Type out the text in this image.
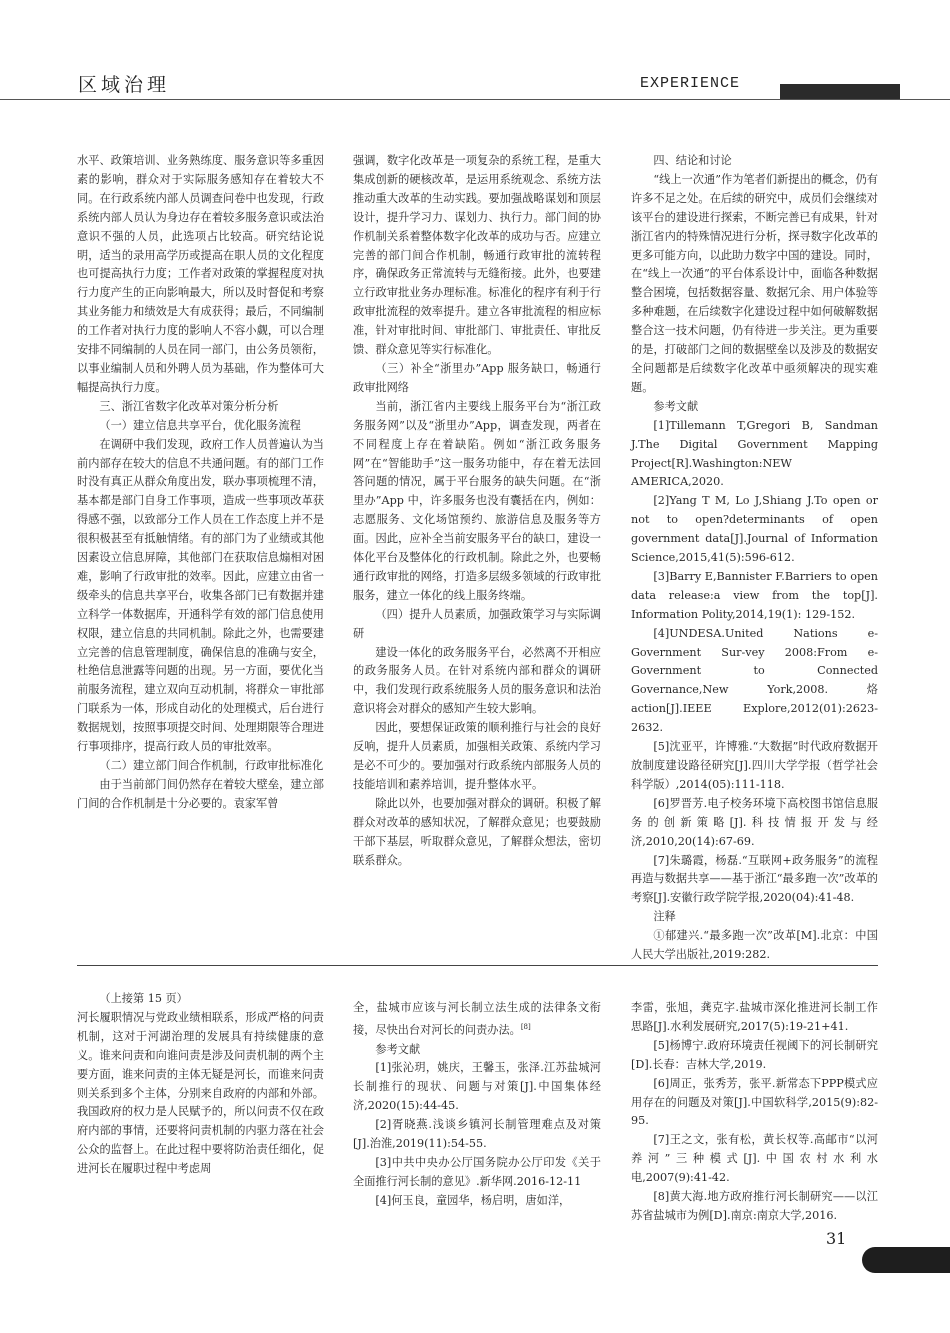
区域治理	EXPERIENCE

水平、政策培训、业务熟练度、服务意识等多重因素的影响，群众对于实际服务感知存在着较大不同。在行政系统内部人员调查问卷中也发现，行政系统内部人员认为身边存在着较多服务意识或法治意识不强的人员，此选项占比较高。研究结论说明，适当的录用高学历或提高在职人员的文化程度也可提高执行力度；工作者对政策的掌握程度对执行力度产生的正向影响最大，所以及时督促和考察其业务能力和绩效是大有成获得；最后，不同编制的工作者对执行力度的影响人不容小觑，可以合理安排不同编制的人员在同一部门，由公务员领衔，以事业编制人员和外聘人员为基础，作为整体可大幅提高执行力度。

三、浙江省数字化改革对策分析分析

（一）建立信息共享平台，优化服务流程

在调研中我们发现，政府工作人员普遍认为当前内部存在较大的信息不共通问题。有的部门工作时没有真正从群众角度出发，联办事项梳理不清，基本都是部门自身工作事项，造成一些事项改革获得感不强，以致部分工作人员在工作态度上并不是很积极甚至有抵触情绪。有的部门为了业绩或其他因素设立信息屏障，其他部门在获取信息煽相对困难，影响了行政审批的效率。因此，应建立由省一级牵头的信息共享平台，收集各部门已有数据并建立科学一体数据库，开通科学有效的部门信息使用权限，建立信息的共同机制。除此之外，也需要建立完善的信息管理制度，确保信息的准确与安全，杜绝信息泄露等问题的出现。另一方面，要优化当前服务流程，建立双向互动机制，将群众－审批部门联系为一体，形成自动化的处理模式，后台进行数据规划，按照事项提交时间、处理期限等合理进行事项排序，提高行政人员的审批效率。

（二）建立部门间合作机制，行政审批标准化

由于当前部门间仍然存在着较大壁垒，建立部门间的合作机制是十分必要的。袁家军曾

强调，数字化改革是一项复杂的系统工程，是重大集成创新的硬核改革，是运用系统观念、系统方法推动重大改革的生动实践。要加强战略谋划和顶层设计，提升学习力、谋划力、执行力。部门间的协作机制关系着整体数字化改革的成功与否。应建立完善的部门间合作机制，畅通行政审批的流转程序，确保政务正常流转与无缝衔接。此外，也要建立行政审批业务办理标准。标准化的程序有利于行政审批流程的效率提升。建立各审批流程的相应标准，针对审批时间、审批部门、审批责任、审批反馈、群众意见等实行标准化。

（三）补全“浙里办”App 服务缺口，畅通行政审批网络

当前，浙江省内主要线上服务平台为“浙江政务服务网”以及“浙里办”App，调查发现，两者在不同程度上存在着缺陷。例如“浙江政务服务网”在“智能助手”这一服务功能中，存在着无法回答问题的情况，属于平台服务的缺失问题。在“浙里办”App 中，许多服务也没有囊括在内，例如：志愿服务、文化场馆预约、旅游信息及服务等方面。因此，应补全当前安服务平台的缺口，建设一体化平台及整体化的行政机制。除此之外，也要畅通行政审批的网络，打造多层级多领域的行政审批服务，建立一体化的线上服务终端。

（四）提升人员素质，加强政策学习与实际调研

建设一体化的政务服务平台，必然离不开相应的政务服务人员。在针对系统内部和群众的调研中，我们发现行政系统服务人员的服务意识和法治意识将会对群众的感知产生较大影响。

因此，要想保证政策的顺利推行与社会的良好反响，提升人员素质，加强相关政策、系统内学习是必不可少的。要加强对行政系统内部服务人员的技能培训和素养培训，提升整体水平。

除此以外，也要加强对群众的调研。积极了解群众对改革的感知状况，了解群众意见；也要鼓励干部下基层，听取群众意见，了解群众想法，密切联系群众。

四、结论和讨论

“线上一次通”作为笔者们新提出的概念，仍有许多不足之处。在后续的研究中，成员们会继续对该平台的建设进行探索，不断完善已有成果，针对浙江省内的特殊情况进行分析，探寻数字化改革的更多可能方向，以此助力数字中国的建设。同时，在“线上一次通”的平台体系设计中，面临各种数据整合困境，包括数据容量、数据冗余、用户体验等多种难题，在后续数字化建设过程中如何破解数据整合这一技术问题，仍有待进一步关注。更为重要的是，打破部门之间的数据壁垒以及涉及的数据安全问题都是后续数字化改革中亟须解决的现实难题。

参考文献

[1]Tillemann T,Gregori B, Sandman J.The Digital Government Mapping Project[R].Washington:NEW AMERICA,2020.

[2]Yang T M, Lo J,Shiang J.To open or not to open?determinants of open government data[J].Journal of Information Science,2015,41(5):596-612.

[3]Barry E,Bannister F.Barriers to open data release:a view from the top[J]. Information Polity,2014,19(1): 129-152.

[4]UNDESA.United Nations e-Government Sur-vey 2008:From e-Government to Connected Governance,New York,2008. 烙 action[J].IEEE Explore,2012(01):2623-2632.

[5]沈亚平，许博雅.“大数据”时代政府数据开放制度建设路径研究[J].四川大学学报（哲学社会科学版）,2014(05):111-118.

[6]罗晋芳.电子校务环境下高校图书馆信息服务的创新策略[J].科技情报开发与经济,2010,20(14):67-69.

[7]朱璐霞，杨磊.“互联网+政务服务”的流程再造与数据共享——基于浙江“最多跑一次”改革的考察[J].安徽行政学院学报,2020(04):41-48.

注释

①郁建兴.“最多跑一次”改革[M].北京：中国人民大学出版社,2019:282.

（上接第 15 页）

河长履职情况与党政业绩相联系，形成严格的问责机制，这对于河湖治理的发展具有持续健康的意义。谁来问责和向谁问责是涉及问责机制的两个主要方面，谁来问责的主体无疑是河长，而谁来问责则关系到多个主体，分别来自政府的内部和外部。我国政府的权力是人民赋予的，所以问责不仅在政府内部的事情，还要将问责机制的内驱力落在社会公众的监督上。在此过程中要将防治责任细化，促进河长在履职过程中考虑周

全，盐城市应该与河长制立法生成的法律条文衔接，尽快出台对河长的问责办法。[8]

参考文献

[1]张沁玥，姚庆，王馨玉，张泽.江苏盐城河长制推行的现状、问题与对策[J].中国集体经济,2020(15):44-45.

[2]胥晓燕.浅谈乡镇河长制管理难点及对策[J].治淮,2019(11):54-55.

[3]中共中央办公厅国务院办公厅印发《关于全面推行河长制的意见》.新华网.2016-12-11

[4]何玉良，童园华，杨启明，唐如洋，

李雷，张旭，龚克字.盐城市深化推进河长制工作思路[J].水利发展研究,2017(5):19-21+41.

[5]杨博宁.政府环境责任视阈下的河长制研究[D].长春：吉林大学,2019.

[6]周正，张秀芳，张平.新常态下PPP模式应用存在的问题及对策[J].中国软科学,2015(9):82-95.

[7]王之文，张有松，黄长权等.高邮市“以河养河”三种模式[J].中国农村水利水电,2007(9):41-42.

[8]黄大海.地方政府推行河长制研究——以江苏省盐城市为例[D].南京:南京大学,2016.

31
